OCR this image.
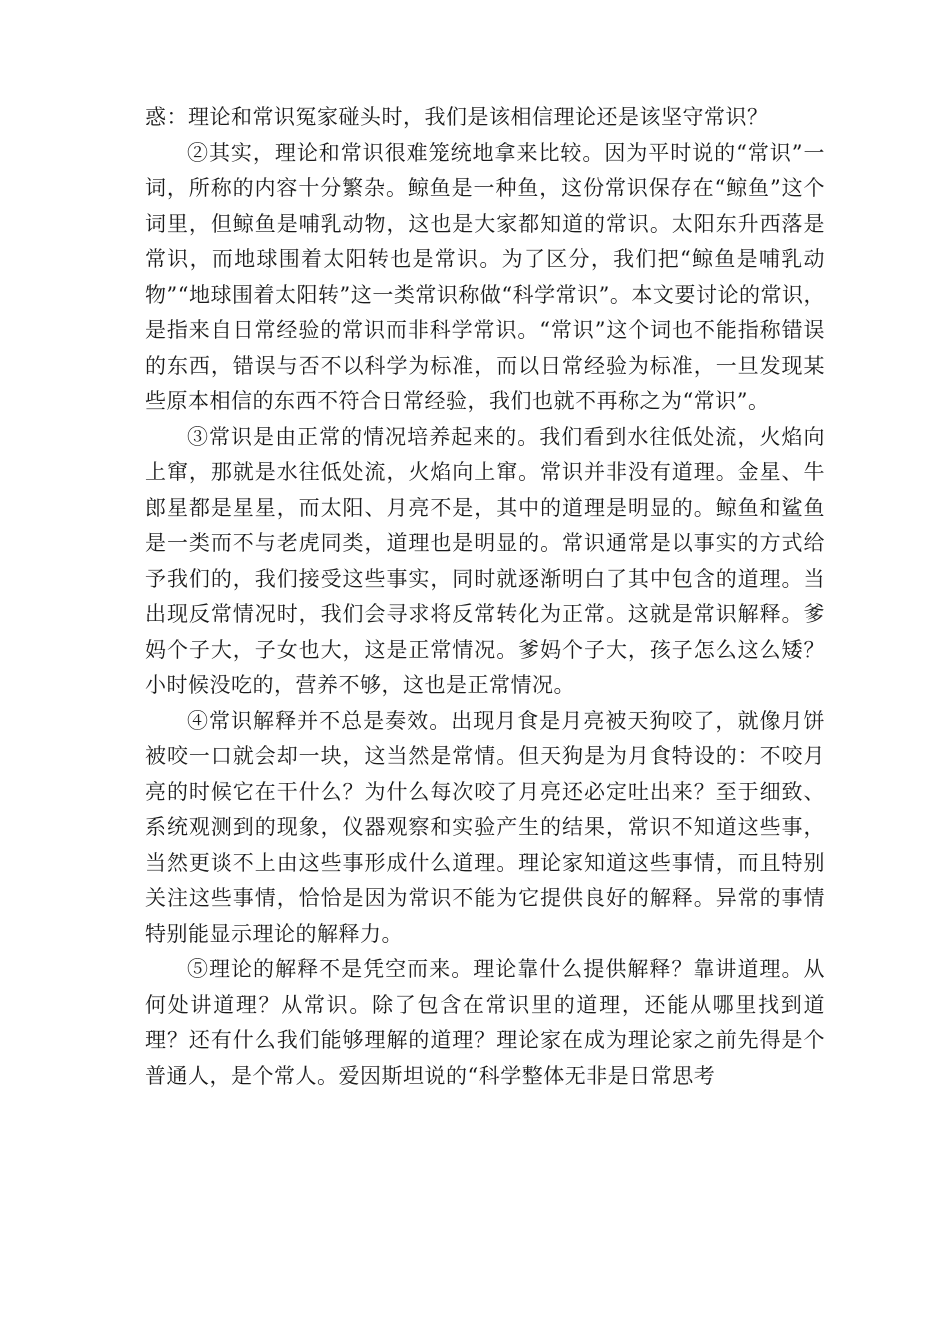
惑：理论和常识冤家碰头时，我们是该相信理论还是该坚守常识？

②其实，理论和常识很难笼统地拿来比较。因为平时说的“常识”一词，所称的内容十分繁杂。鲸鱼是一种鱼，这份常识保存在“鲸鱼”这个词里，但鲸鱼是哺乳动物，这也是大家都知道的常识。太阳东升西落是常识，而地球围着太阳转也是常识。为了区分，我们把“鲸鱼是哺乳动物”“地球围着太阳转”这一类常识称做“科学常识”。本文要讨论的常识，是指来自日常经验的常识而非科学常识。“常识”这个词也不能指称错误的东西，错误与否不以科学为标准，而以日常经验为标准，一旦发现某些原本相信的东西不符合日常经验，我们也就不再称之为“常识”。

③常识是由正常的情况培养起来的。我们看到水往低处流，火焰向上窜，那就是水往低处流，火焰向上窜。常识并非没有道理。金星、牛郎星都是星星，而太阳、月亮不是，其中的道理是明显的。鲸鱼和鲨鱼是一类而不与老虎同类，道理也是明显的。常识通常是以事实的方式给予我们的，我们接受这些事实，同时就逐渐明白了其中包含的道理。当出现反常情况时，我们会寻求将反常转化为正常。这就是常识解释。爹妈个子大，子女也大，这是正常情况。爹妈个子大，孩子怎么这么矮？小时候没吃的，营养不够，这也是正常情况。

④常识解释并不总是奏效。出现月食是月亮被天狗咬了，就像月饼被咬一口就会却一块，这当然是常情。但天狗是为月食特设的：不咬月亮的时候它在干什么？为什么每次咬了月亮还必定吐出来？至于细致、系统观测到的现象，仪器观察和实验产生的结果，常识不知道这些事，当然更谈不上由这些事形成什么道理。理论家知道这些事情，而且特别关注这些事情，恰恰是因为常识不能为它提供良好的解释。异常的事情特别能显示理论的解释力。

⑤理论的解释不是凭空而来。理论靠什么提供解释？靠讲道理。从何处讲道理？从常识。除了包含在常识里的道理，还能从哪里找到道理？还有什么我们能够理解的道理？理论家在成为理论家之前先得是个普通人，是个常人。爱因斯坦说的“科学整体无非是日常思考
